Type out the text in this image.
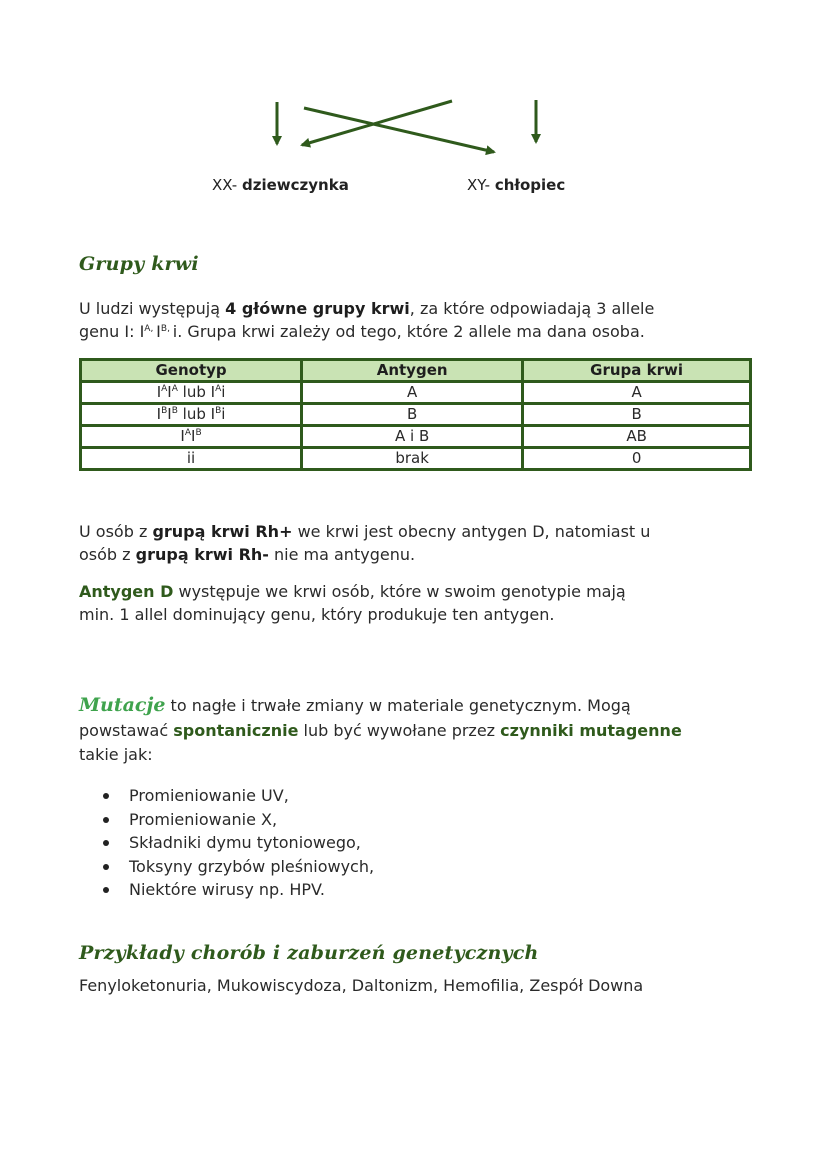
XX- dziewczynka	XY- chłopiec
Grupy krwi
U ludzi występują 4 główne grupy krwi, za które odpowiadają 3 allele
genu I: $I^{A,}$ $I^{B,}$ i. Grupa krwi zależy od tego, które 2 allele ma dana osoba.
Genotyp	Antygen	Grupa krwi
$I^AI^A$ lub $I^Ai$	A	A
$I^BI^B$ lub $I^Bi$	B	B
$I^AI^B$	A i B	AB
ii	brak	0
U osób z grupą krwi Rh+ we krwi jest obecny antygen D, natomiast u
osób z grupą krwi Rh- nie ma antygenu.
Antygen D występuje we krwi osób, które w swoim genotypie mają
min. 1 allel dominujący genu, który produkuje ten antygen.
Mutacje to nagłe i trwałe zmiany w materiale genetycznym. Mogą
powstawać spontanicznie lub być wywołane przez czynniki mutagenne
takie jak:
Promieniowanie UV,
Promieniowanie X,
Składniki dymu tytoniowego,
Toksyny grzybów pleśniowych,
Niektóre wirusy np. HPV.
Przykłady chorób i zaburzeń genetycznych
Fenyloketonuria, Mukowiscydoza, Daltonizm, Hemofilia, Zespół Downa
